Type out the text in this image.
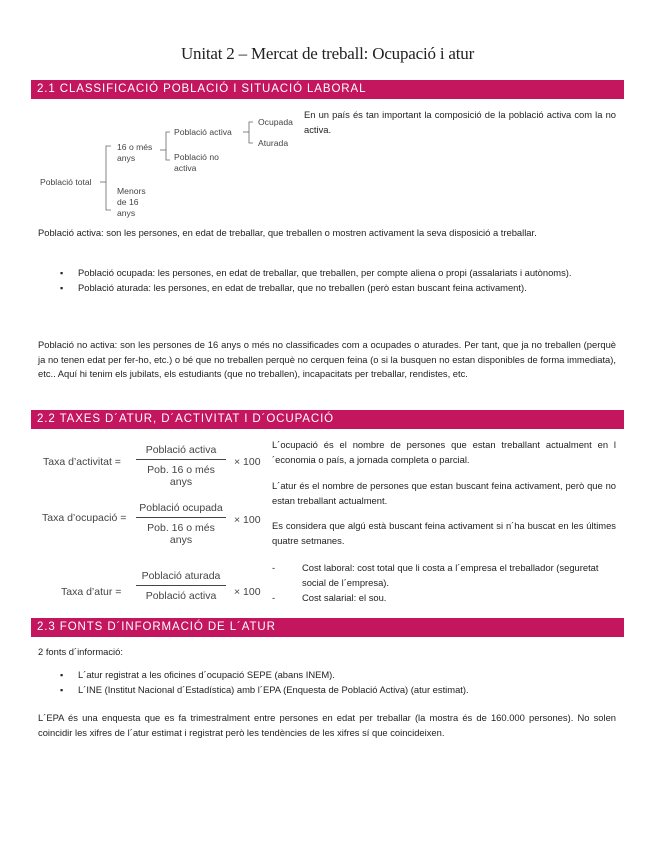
Unitat 2 – Mercat de treball: Ocupació i atur
2.1 CLASSIFICACIÓ POBLACIÓ I SITUACIÓ LABORAL
Població total
16 o més anys
Menors de 16 anys
Població activa
Població no activa
Ocupada
Aturada
En un país és tan important la composició de la població activa com la no activa.
Població activa: son les persones, en edat de treballar, que treballen o mostren activament la seva disposició a treballar.
▪ Població ocupada: les persones, en edat de treballar, que treballen, per compte aliena o propi (assalariats i autònoms).
▪ Població aturada: les persones, en edat de treballar, que no treballen (però estan buscant feina activament).
Població no activa: son les persones de 16 anys o més no classificades com a ocupades o aturades. Per tant, que ja no treballen (perquè ja no tenen edat per fer-ho, etc.) o bé que no treballen perquè no cerquen feina (o si la busquen no estan disponibles de forma immediata), etc.. Aquí hi tenim els jubilats, els estudiants (que no treballen), incapacitats per treballar, rendistes, etc.
2.2 TAXES D´ATUR, D´ACTIVITAT I D´OCUPACIÓ
Taxa d’activitat =
Població activa
Pob. 16 o més anys
× 100
Taxa d’ocupació =
Població ocupada
Pob. 16 o més anys
× 100
Taxa d’atur =
Població aturada
Població activa	× 100
L´ocupació és el nombre de persones que estan treballant actualment en l´economia o país, a jornada completa o parcial.
L´atur és el nombre de persones que estan buscant feina activament, però que no estan treballant actualment.
Es considera que algú està buscant feina activament si n´ha buscat en les últimes quatre setmanes.
-	Cost laboral: cost total que li costa a l´empresa el treballador (seguretat social de l´empresa).
-	Cost salarial: el sou.
2.3 FONTS D´INFORMACIÓ DE L´ATUR
2 fonts d´informació:
▪ L´atur registrat a les oficines d´ocupació SEPE (abans INEM).
▪ L´INE (Institut Nacional d´Estadística) amb l´EPA (Enquesta de Població Activa) (atur estimat).
L´EPA és una enquesta que es fa trimestralment entre persones en edat per treballar (la mostra és de 160.000 persones). No solen coincidir les xifres de l´atur estimat i registrat però les tendències de les xifres sí que coincideixen.
